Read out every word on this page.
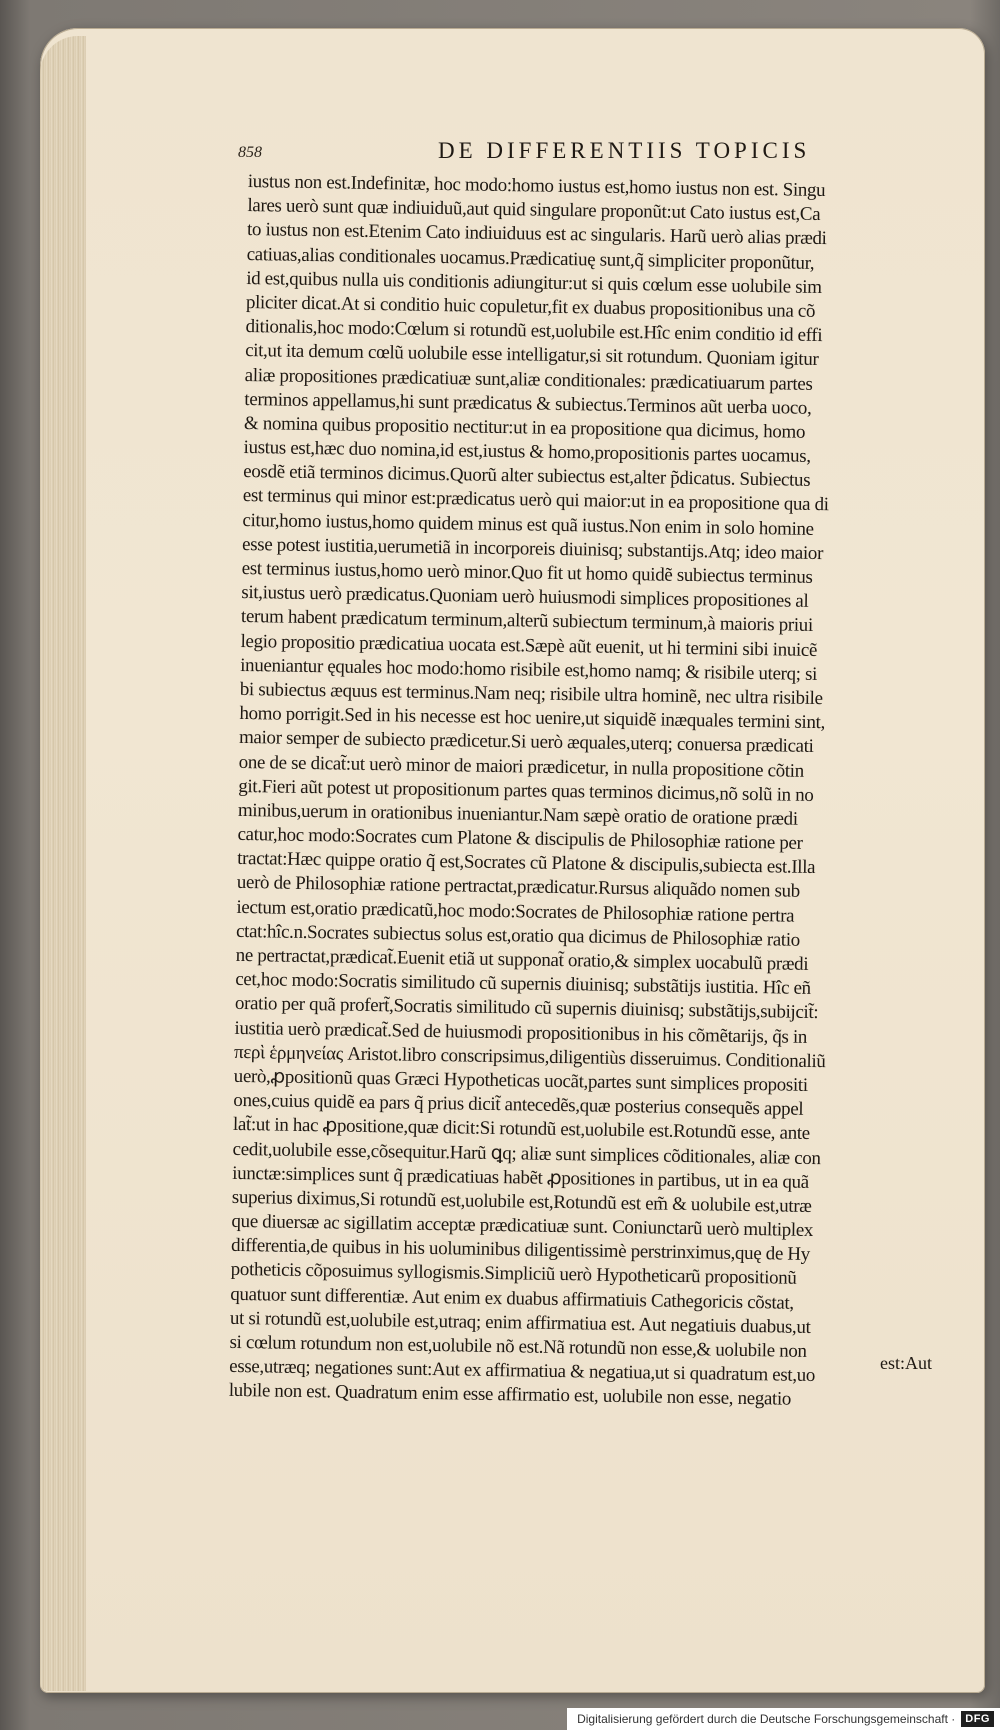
858	DE DIFFERENTIIS TOPICIS
iustus non est.Indefinitæ, hoc modo:homo iustus est,homo iustus non est. Singu
lares uerò sunt quæ indiuiduũ,aut quid singulare proponũt:ut Cato iustus est,Ca
to iustus non est.Etenim Cato indiuiduus est ac singularis. Harũ uerò alias prædi
catiuas,alias conditionales uocamus.Prædicatiuę sunt,q̃ simpliciter proponũtur,
id est,quibus nulla uis conditionis adiungitur:ut si quis cœlum esse uolubile sim
pliciter dicat.At si conditio huic copuletur,fit ex duabus propositionibus una cõ
ditionalis,hoc modo:Cœlum si rotundũ est,uolubile est.Hîc enim conditio id effi
cit,ut ita demum cœlũ uolubile esse intelligatur,si sit rotundum. Quoniam igitur
aliæ propositiones prædicatiuæ sunt,aliæ conditionales: prædicatiuarum partes
terminos appellamus,hi sunt prædicatus & subiectus.Terminos aũt uerba uoco,
& nomina quibus propositio nectitur:ut in ea propositione qua dicimus, homo
iustus est,hæc duo nomina,id est,iustus & homo,propositionis partes uocamus,
eosdẽ etiã terminos dicimus.Quorũ alter subiectus est,alter p̃dicatus. Subiectus
est terminus qui minor est:prædicatus uerò qui maior:ut in ea propositione qua di
citur,homo iustus,homo quidem minus est quã iustus.Non enim in solo homine
esse potest iustitia,uerumetiã in incorporeis diuinisq; substantijs.Atq; ideo maior
est terminus iustus,homo uerò minor.Quo fit ut homo quidẽ subiectus terminus
sit,iustus uerò prædicatus.Quoniam uerò huiusmodi simplices propositiones al
terum habent prædicatum terminum,alterũ subiectum terminum,à maioris priui
legio propositio prædicatiua uocata est.Sæpè aũt euenit, ut hi termini sibi inuicẽ
inueniantur ęquales hoc modo:homo risibile est,homo namq; & risibile uterq; si
bi subiectus æquus est terminus.Nam neq; risibile ultra hominẽ, nec ultra risibile
homo porrigit.Sed in his necesse est hoc uenire,ut siquidẽ inæquales termini sint,
maior semper de subiecto prædicetur.Si uerò æquales,uterq; conuersa prædicati
one de se dicat̃:ut uerò minor de maiori prædicetur, in nulla propositione cõtin
git.Fieri aũt potest ut propositionum partes quas terminos dicimus,nõ solũ in no
minibus,uerum in orationibus inueniantur.Nam sæpè oratio de oratione prædi
catur,hoc modo:Socrates cum Platone & discipulis de Philosophiæ ratione per
tractat:Hæc quippe oratio q̃ est,Socrates cũ Platone & discipulis,subiecta est.Illa
uerò de Philosophiæ ratione pertractat,prædicatur.Rursus aliquãdo nomen sub
iectum est,oratio prædicatũ,hoc modo:Socrates de Philosophiæ ratione pertra
ctat:hîc.n.Socrates subiectus solus est,oratio qua dicimus de Philosophiæ ratio
ne pertractat,prædicat̃.Euenit etiã ut supponat̃ oratio,& simplex uocabulũ prædi
cet,hoc modo:Socratis similitudo cũ supernis diuinisq; substãtijs iustitia. Hîc eñ
oratio per quã profert̃,Socratis similitudo cũ supernis diuinisq; substãtijs,subijcit̃:
iustitia uerò prædicat̃.Sed de huiusmodi propositionibus in his cõmẽtarijs, q̃s in
περὶ ἑρμηνείας Aristot.libro conscripsimus,diligentiùs disseruimus. Conditionaliũ
uerò,ꝓpositionũ quas Græci Hypotheticas uocãt,partes sunt simplices propositi
ones,cuius quidẽ ea pars q̃ prius dicit̃ antecedẽs,quæ posterius consequẽs appel
lat̃:ut in hac ꝓpositione,quæ dicit:Si rotundũ est,uolubile est.Rotundũ esse, ante
cedit,uolubile esse,cõsequitur.Harũ ꝗq; aliæ sunt simplices cõditionales, aliæ con
iunctæ:simplices sunt q̃ prædicatiuas habẽt ꝓpositiones in partibus, ut in ea quã
superius diximus,Si rotundũ est,uolubile est,Rotundũ est em̃ & uolubile est,utræ
que diuersæ ac sigillatim acceptæ prædicatiuæ sunt. Coniunctarũ uerò multiplex
differentia,de quibus in his uoluminibus diligentissimè perstrinximus,quę de Hy
potheticis cõposuimus syllogismis.Simpliciũ uerò Hypotheticarũ propositionũ
quatuor sunt differentiæ. Aut enim ex duabus affirmatiuis Cathegoricis cõstat,
ut si rotundũ est,uolubile est,utraq; enim affirmatiua est. Aut negatiuis duabus,ut
si cœlum rotundum non est,uolubile nõ est.Nã rotundũ non esse,& uolubile non
esse,utræq; negationes sunt:Aut ex affirmatiua & negatiua,ut si quadratum est,uo
lubile non est. Quadratum enim esse affirmatio est, uolubile non esse, negatio
est:Aut
Digitalisierung gefördert durch die Deutsche Forschungsgemeinschaft · DFG
